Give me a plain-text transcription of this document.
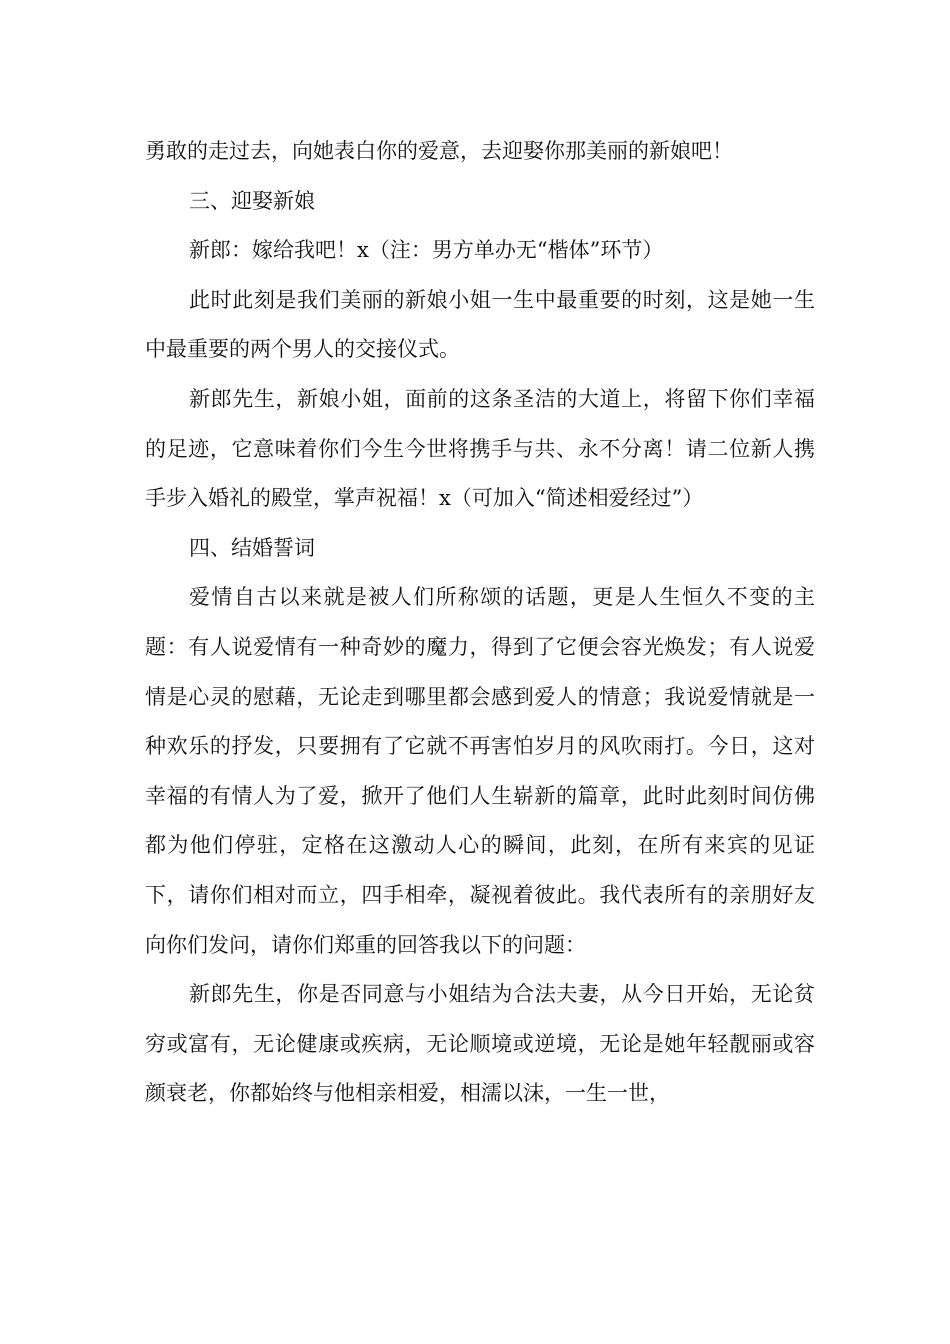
勇敢的走过去，向她表白你的爱意，去迎娶你那美丽的新娘吧！

三、迎娶新娘

新郎：嫁给我吧！x（注：男方单办无“楷体”环节）

此时此刻是我们美丽的新娘小姐一生中最重要的时刻，这是她一生中最重要的两个男人的交接仪式。

新郎先生，新娘小姐，面前的这条圣洁的大道上，将留下你们幸福的足迹，它意味着你们今生今世将携手与共、永不分离！请二位新人携手步入婚礼的殿堂，掌声祝福！x（可加入“简述相爱经过”）

四、结婚誓词

爱情自古以来就是被人们所称颂的话题，更是人生恒久不变的主题：有人说爱情有一种奇妙的魔力，得到了它便会容光焕发；有人说爱情是心灵的慰藉，无论走到哪里都会感到爱人的情意；我说爱情就是一种欢乐的抒发，只要拥有了它就不再害怕岁月的风吹雨打。今日，这对幸福的有情人为了爱，掀开了他们人生崭新的篇章，此时此刻时间仿佛都为他们停驻，定格在这激动人心的瞬间，此刻，在所有来宾的见证下，请你们相对而立，四手相牵，凝视着彼此。我代表所有的亲朋好友向你们发问，请你们郑重的回答我以下的问题：

新郎先生，你是否同意与小姐结为合法夫妻，从今日开始，无论贫穷或富有，无论健康或疾病，无论顺境或逆境，无论是她年轻靓丽或容颜衰老，你都始终与他相亲相爱，相濡以沫，一生一世，
